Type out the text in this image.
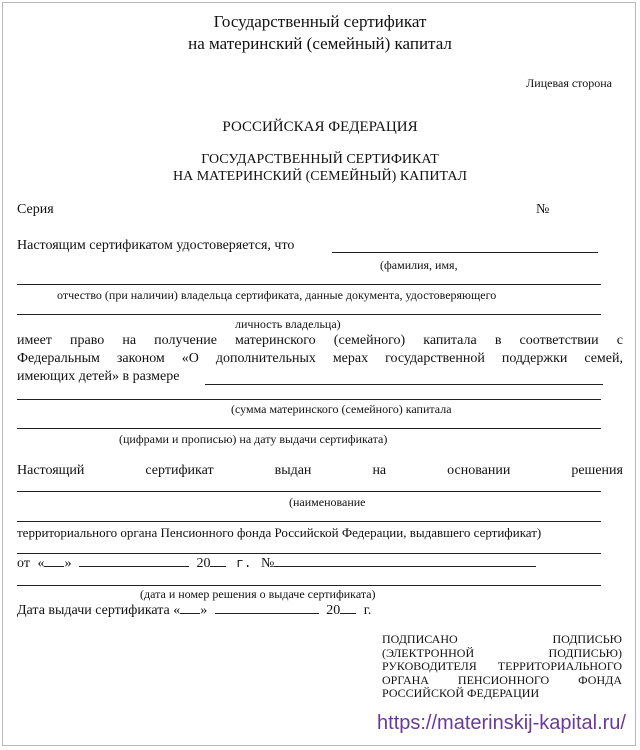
Государственный сертификат
на материнский (семейный) капитал
Лицевая сторона
РОССИЙСКАЯ ФЕДЕРАЦИЯ
ГОСУДАРСТВЕННЫЙ СЕРТИФИКАТ
НА МАТЕРИНСКИЙ (СЕМЕЙНЫЙ) КАПИТАЛ
Серия	№
Настоящим сертификатом удостоверяется, что
(фамилия, имя,
отчество (при наличии) владельца сертификата, данные документа, удостоверяющего
личность владельца)
имеет право на получение материнского (семейного) капитала в соответствии с
Федеральным законом «О дополнительных мерах государственной поддержки семей,
имеющих детей» в размере
(сумма материнского (семейного) капитала
(цифрами и прописью) на дату выдачи сертификата)
Настоящий	сертификат	выдан	на	основании	решения
(наименование
территориального органа Пенсионного фонда Российской Федерации, выдавшего сертификат)
от « »	20 г. №
(дата и номер решения о выдаче сертификата)
Дата выдачи сертификата « »	20 г.
ПОДПИСАНО ПОДПИСЬЮ (ЭЛЕКТРОННОЙ ПОДПИСЬЮ) РУКОВОДИТЕЛЯ ТЕРРИТОРИАЛЬНОГО ОРГАНА ПЕНСИОННОГО ФОНДА РОССИЙСКОЙ ФЕДЕРАЦИИ
https://materinskij-kapital.ru/
